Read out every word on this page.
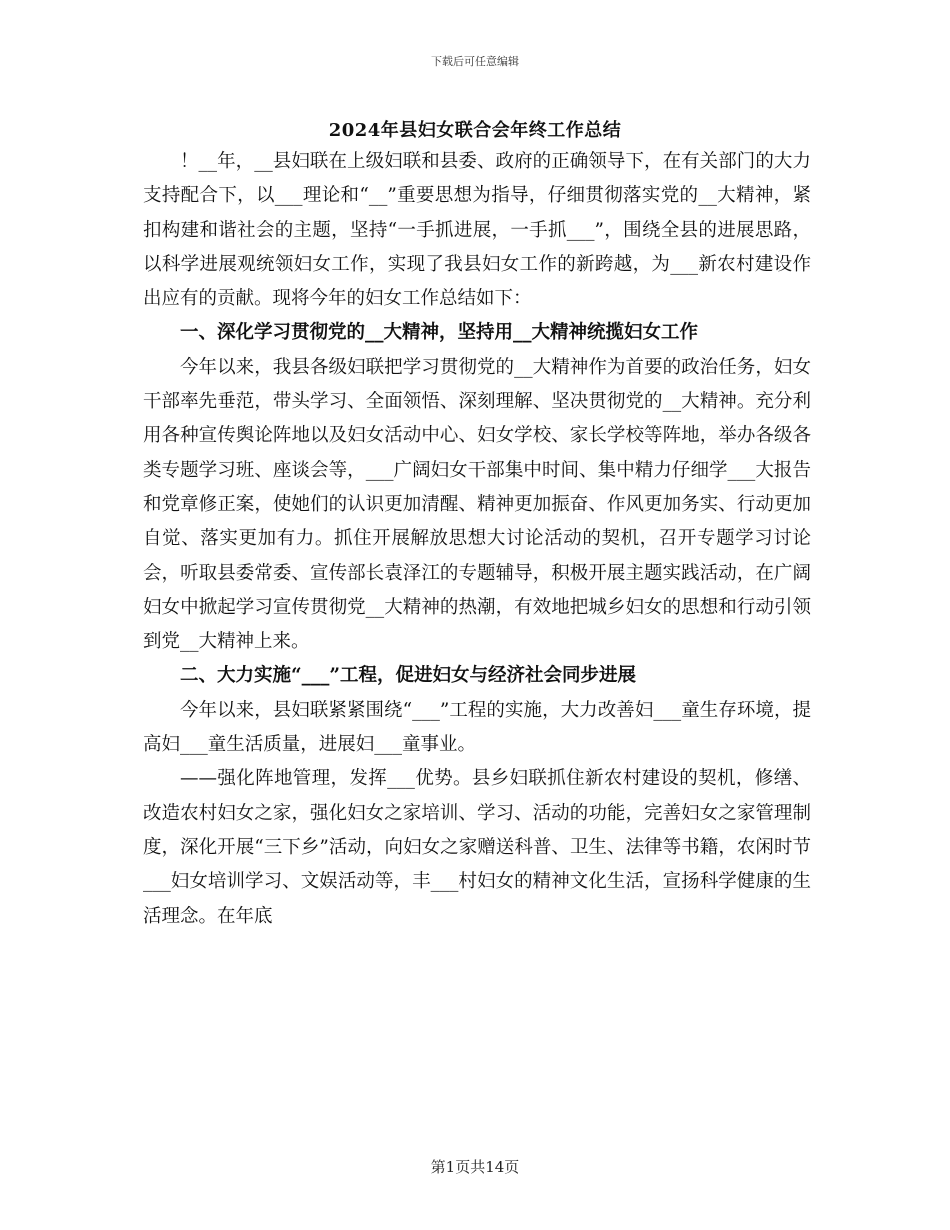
下载后可任意编辑
2024年县妇女联合会年终工作总结

！__年，__县妇联在上级妇联和县委、政府的正确领导下，在有关部门的大力支持配合下，以___理论和“__”重要思想为指导，仔细贯彻落实党的__大精神，紧扣构建和谐社会的主题，坚持“一手抓进展，一手抓___”，围绕全县的进展思路，以科学进展观统领妇女工作，实现了我县妇女工作的新跨越，为___新农村建设作出应有的贡献。现将今年的妇女工作总结如下：

一、深化学习贯彻党的__大精神，坚持用__大精神统揽妇女工作

今年以来，我县各级妇联把学习贯彻党的__大精神作为首要的政治任务，妇女干部率先垂范，带头学习、全面领悟、深刻理解、坚决贯彻党的__大精神。充分利用各种宣传舆论阵地以及妇女活动中心、妇女学校、家长学校等阵地，举办各级各类专题学习班、座谈会等，___广阔妇女干部集中时间、集中精力仔细学___大报告和党章修正案，使她们的认识更加清醒、精神更加振奋、作风更加务实、行动更加自觉、落实更加有力。抓住开展解放思想大讨论活动的契机，召开专题学习讨论会，听取县委常委、宣传部长袁泽江的专题辅导，积极开展主题实践活动，在广阔妇女中掀起学习宣传贯彻党__大精神的热潮，有效地把城乡妇女的思想和行动引领到党__大精神上来。

二、大力实施“___”工程，促进妇女与经济社会同步进展

今年以来，县妇联紧紧围绕“___”工程的实施，大力改善妇___童生存环境，提高妇___童生活质量，进展妇___童事业。

——强化阵地管理，发挥___优势。县乡妇联抓住新农村建设的契机，修缮、改造农村妇女之家，强化妇女之家培训、学习、活动的功能，完善妇女之家管理制度，深化开展“三下乡”活动，向妇女之家赠送科普、卫生、法律等书籍，农闲时节___妇女培训学习、文娱活动等，丰___村妇女的精神文化生活，宣扬科学健康的生活理念。在年底

第1页共14页
